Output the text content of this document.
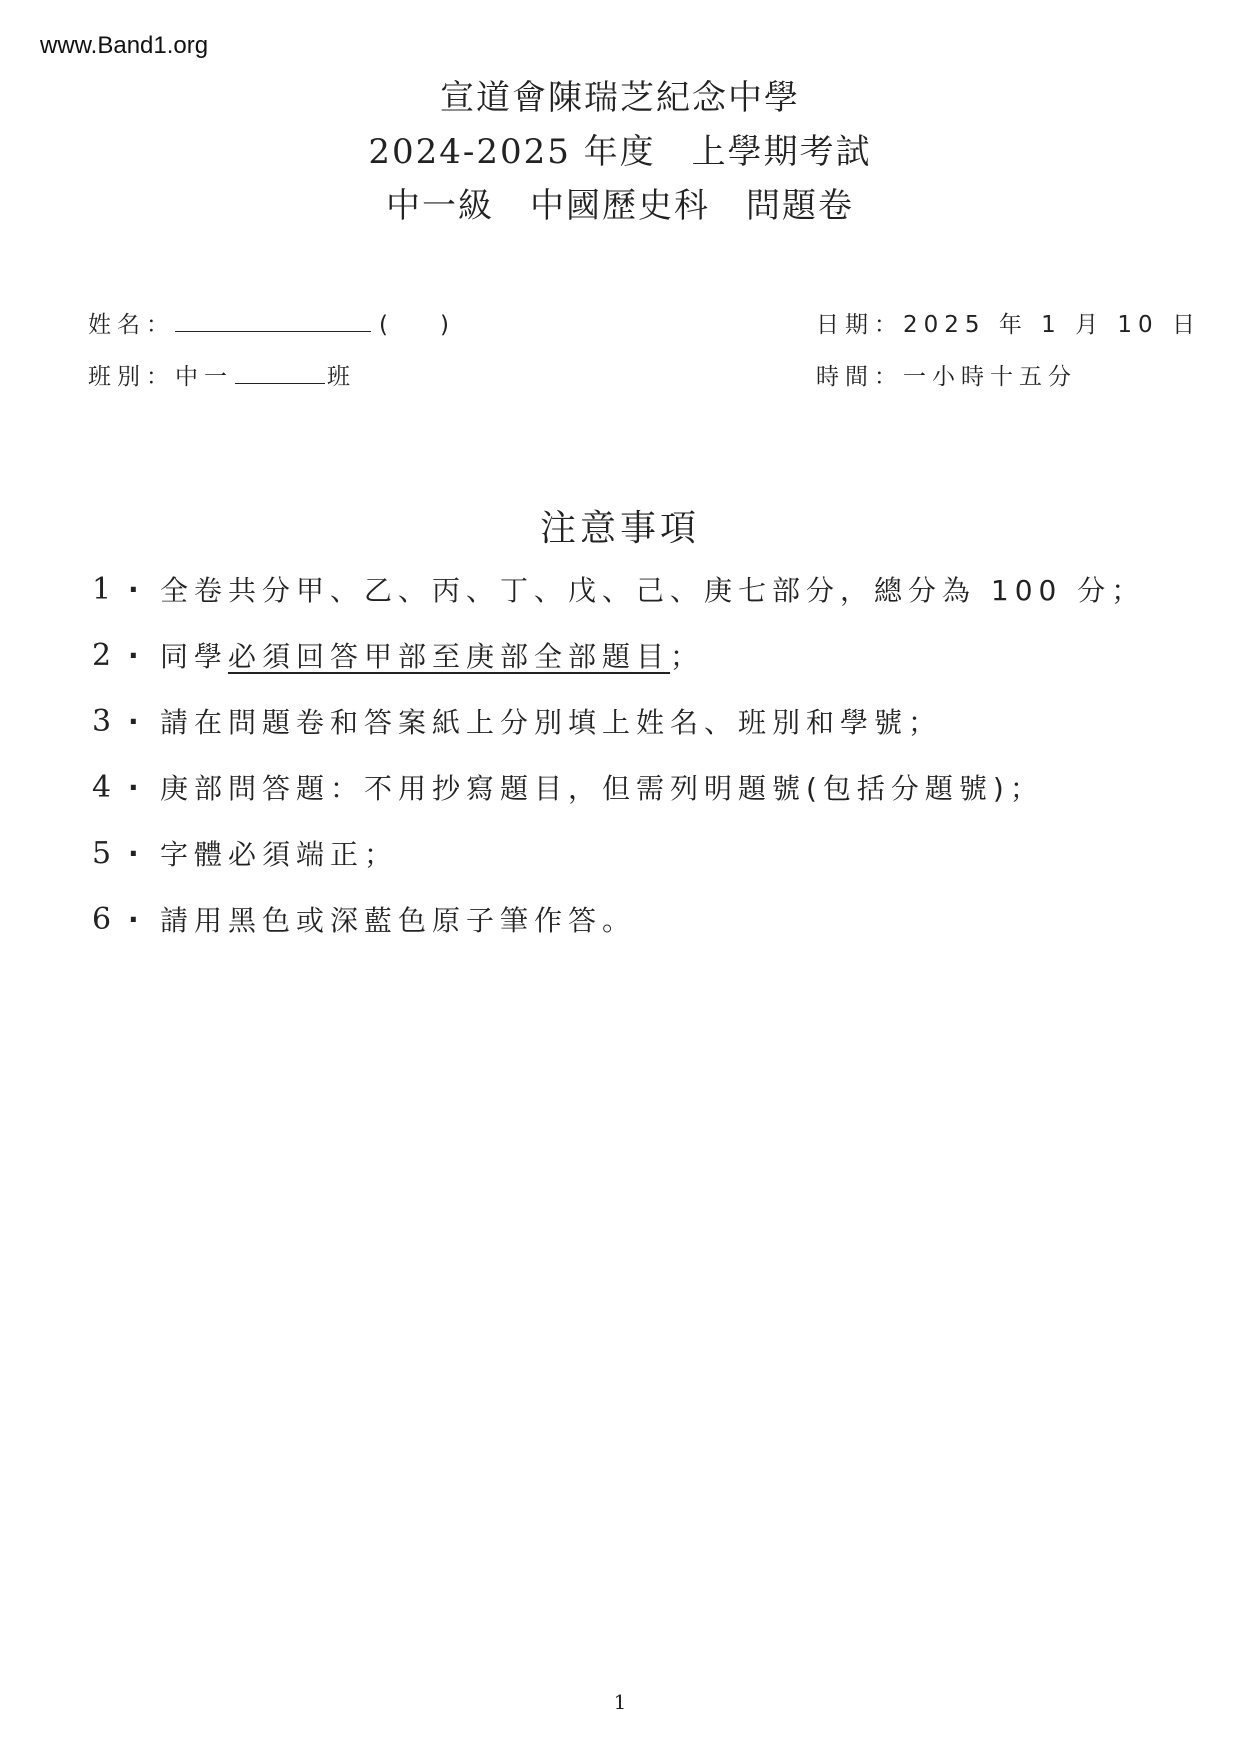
www.Band1.org
宣道會陳瑞芝紀念中學
2024-2025 年度　上學期考試
中一級　中國歷史科　問題卷
姓名：	( )
班別：中一	班
日期：2025 年 1 月 10 日
時間：一小時十五分
注意事項
1 · 全卷共分甲、乙、丙、丁、戊、己、庚七部分，總分為 100 分；
2 · 同學 必須回答甲部至庚部全部題目 ；
3 · 請在問題卷和答案紙上分別填上姓名、班別和學號；
4 · 庚部問答題：不用抄寫題目，但需列明題號(包括分題號)；
5 · 字體必須端正；
6 · 請用黑色或深藍色原子筆作答。
1
